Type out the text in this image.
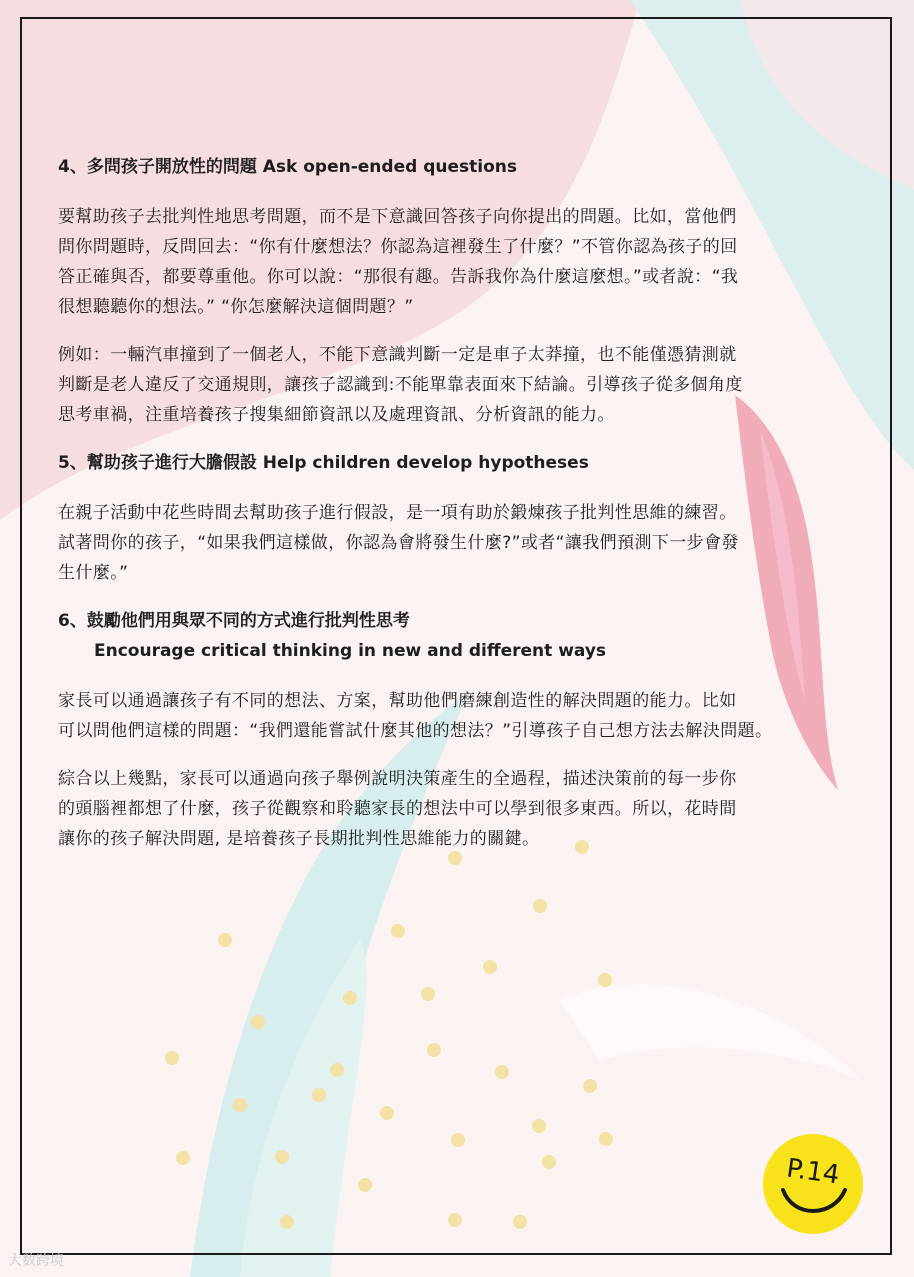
4、多問孩子開放性的問題 Ask open-ended questions

要幫助孩子去批判性地思考問題，而不是下意識回答孩子向你提出的問題。比如，當他們

問你問題時，反問回去：“你有什麼想法？你認為這裡發生了什麼？”不管你認為孩子的回

答正確與否，都要尊重他。你可以說：“那很有趣。告訴我你為什麼這麼想。”或者說：“我

很想聽聽你的想法。” “你怎麼解決這個問題？”

例如：一輛汽車撞到了一個老人，不能下意識判斷一定是車子太莽撞，也不能僅憑猜測就

判斷是老人違反了交通規則，讓孩子認識到:不能單靠表面來下結論。引導孩子從多個角度

思考車禍，注重培養孩子搜集細節資訊以及處理資訊、分析資訊的能力。

5、幫助孩子進行大膽假設 Help children develop hypotheses

在親子活動中花些時間去幫助孩子進行假設，是一項有助於鍛煉孩子批判性思維的練習。

試著問你的孩子，“如果我們這樣做，你認為會將發生什麼?”或者“讓我們預測下一步會發

生什麼。”

6、鼓勵他們用與眾不同的方式進行批判性思考

Encourage critical thinking in new and different ways

家長可以通過讓孩子有不同的想法、方案，幫助他們磨練創造性的解決問題的能力。比如

可以問他們這樣的問題：“我們還能嘗試什麼其他的想法？”引導孩子自己想方法去解決問題。

綜合以上幾點，家長可以通過向孩子舉例說明決策產生的全過程，描述決策前的每一步你

的頭腦裡都想了什麼，孩子從觀察和聆聽家長的想法中可以學到很多東西。所以，花時間

讓你的孩子解決問題, 是培養孩子長期批判性思維能力的關鍵。

P.14
大数跨境
